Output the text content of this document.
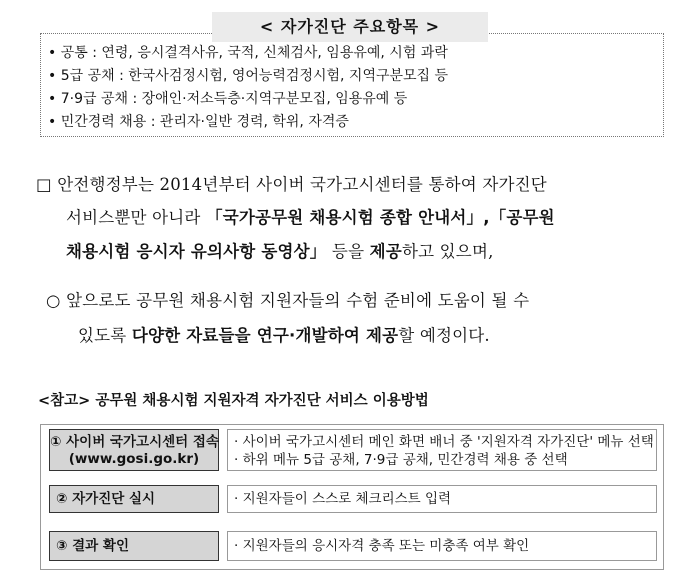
< 자가진단 주요항목 >
• 공통 : 연령, 응시결격사유, 국적, 신체검사, 임용유예, 시험 과락
• 5급 공채 : 한국사검정시험, 영어능력검정시험, 지역구분모집 등
• 7·9급 공채 : 장애인·저소득층·지역구분모집, 임용유예 등
• 민간경력 채용 : 관리자·일반 경력, 학위, 자격증
□ 안전행정부는 2014년부터 사이버 국가고시센터를 통하여 자가진단
서비스뿐만 아니라 「국가공무원 채용시험 종합 안내서」,「공무원
채용시험 응시자 유의사항 동영상」 등을 제공하고 있으며,
○ 앞으로도 공무원 채용시험 지원자들의 수험 준비에 도움이 될 수
있도록 다양한 자료들을 연구·개발하여 제공할 예정이다.
<참고> 공무원 채용시험 지원자격 자가진단 서비스 이용방법
① 사이버 국가고시센터 접속
(www.gosi.go.kr)
· 사이버 국가고시센터 메인 화면 배너 중 '지원자격 자가진단' 메뉴 선택
· 하위 메뉴 5급 공채, 7·9급 공채, 민간경력 채용 중 선택
② 자가진단 실시	· 지원자들이 스스로 체크리스트 입력
③ 결과 확인	· 지원자들의 응시자격 충족 또는 미충족 여부 확인
